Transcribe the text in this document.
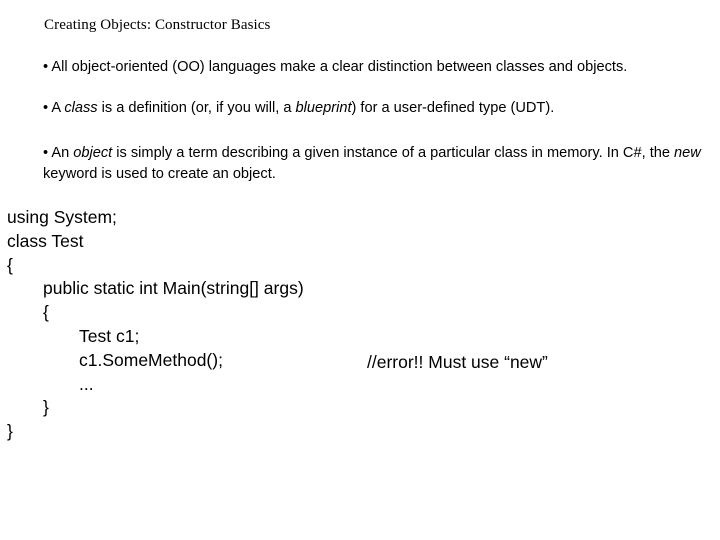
Creating Objects: Constructor Basics
• All object-oriented (OO) languages make a clear distinction between classes and objects.
• A class is a definition (or, if you will, a blueprint) for a user-defined type (UDT).
• An object is simply a term describing a given instance of a particular class in memory. In C#, the new keyword is used to create an object.
using System;
class Test
{
public static int Main(string[] args)
{
Test c1;
c1.SomeMethod();
...
}
}
//error!! Must use “new”
